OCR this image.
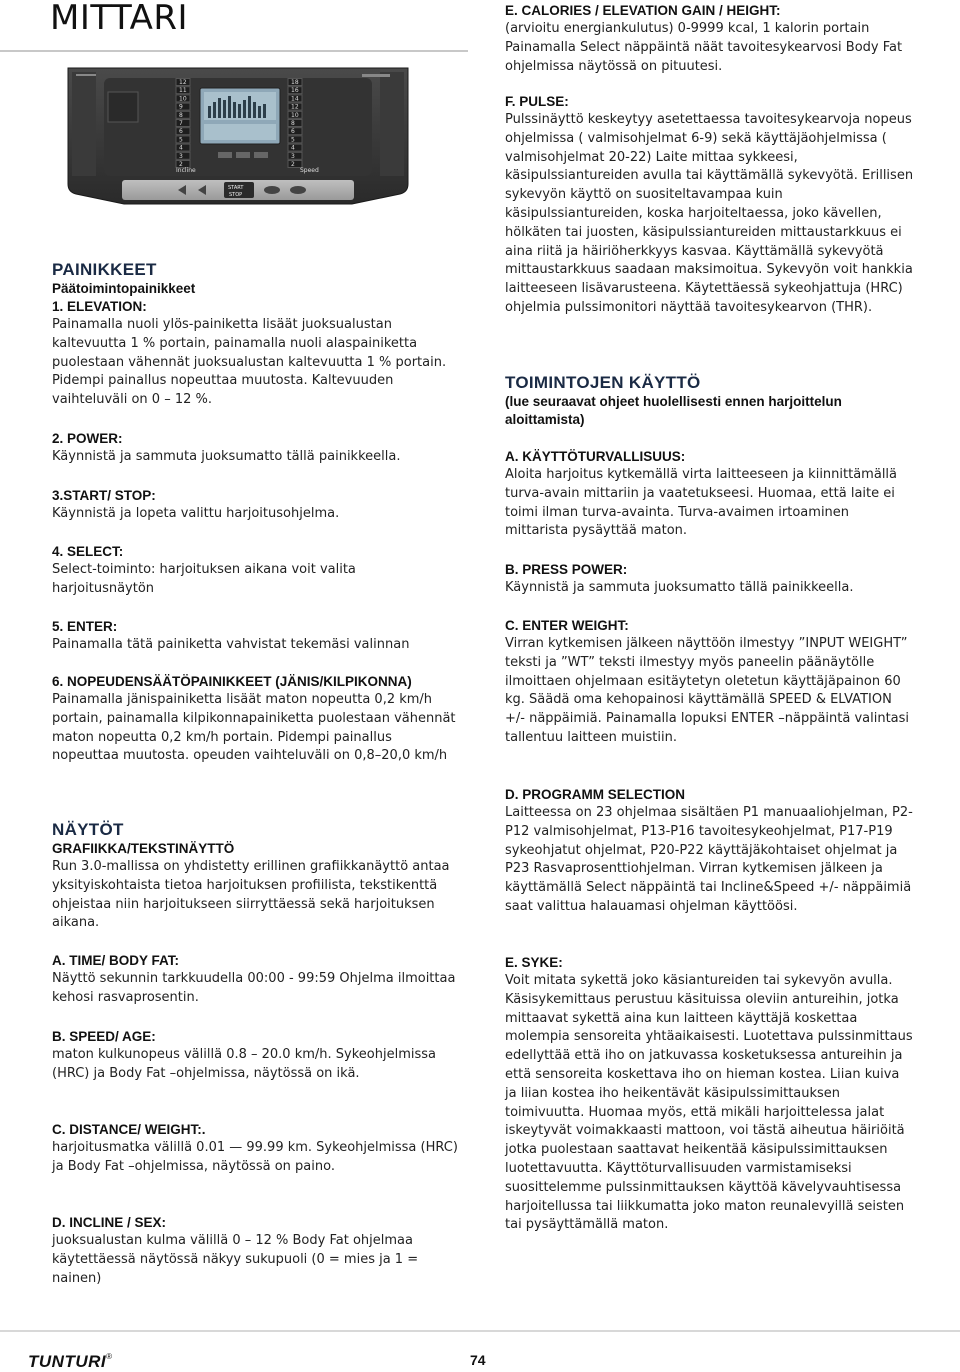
MITTARI
12
11
10
9
8
7
6
5
4
3
2
18
16
14
12
10
8
6
5
4
3
2
Incline	Speed
START
STOP

PAINIKKEET

Päätoimintopainikkeet

1. ELEVATION:

Painamalla nuoli ylös-painiketta lisäät juoksualustan kaltevuutta 1 % portain, painamalla nuoli alaspainiketta puolestaan vähennät juoksualustan kaltevuutta 1 % portain. Pidempi painallus nopeuttaa muutosta. Kaltevuuden vaihteluväli on 0 – 12 %.

2. POWER:

Käynnistä ja sammuta juoksumatto tällä painikkeella.

3.START/ STOP:

Käynnistä ja lopeta valittu harjoitusohjelma.

4. SELECT:

Select-toiminto: harjoituksen aikana voit valita harjoitusnäytön

5. ENTER:

Painamalla tätä painiketta vahvistat tekemäsi valinnan

6. NOPEUDENSÄÄTÖPAINIKKEET (JÄNIS/KILPIKONNA)

Painamalla jänispainiketta lisäät maton nopeutta 0,2 km/h portain, painamalla kilpikonnapainiketta puolestaan vähennät maton nopeutta 0,2 km/h portain. Pidempi painallus nopeuttaa muutosta. opeuden vaihteluväli on 0,8–20,0 km/h

NÄYTÖT

GRAFIIKKA/TEKSTINÄYTTÖ

Run 3.0-mallissa on yhdistetty erillinen grafiikkanäyttö antaa yksityiskohtaista tietoa harjoituksen profiilista, tekstikenttä ohjeistaa niin harjoitukseen siirryttäessä sekä harjoituksen aikana.

A. TIME/ BODY FAT:

Näyttö sekunnin tarkkuudella 00:00 - 99:59 Ohjelma ilmoittaa kehosi rasvaprosentin.

B. SPEED/ AGE:

maton kulkunopeus välillä 0.8 – 20.0 km/h. Sykeohjelmissa (HRC) ja Body Fat –ohjelmissa, näytössä on ikä.

C. DISTANCE/ WEIGHT:.

harjoitusmatka välillä 0.01 — 99.99 km. Sykeohjelmissa (HRC) ja Body Fat –ohjelmissa, näytössä on paino.

D. INCLINE / SEX:

juoksualustan kulma välillä 0 – 12 % Body Fat ohjelmaa käytettäessä näytössä näkyy sukupuoli (0 = mies ja 1 = nainen)

E. CALORIES / ELEVATION GAIN / HEIGHT:

(arvioitu energiankulutus) 0-9999 kcal, 1 kalorin portain Painamalla Select näppäintä näät tavoitesykearvosi Body Fat ohjelmissa näytössä on pituutesi.

F. PULSE:

Pulssinäyttö keskeytyy asetettaessa tavoitesykearvoja nopeus ohjelmissa ( valmisohjelmat 6-9) sekä käyttäjäohjelmissa ( valmisohjelmat 20-22) Laite mittaa sykkeesi, käsipulssiantureiden avulla tai käyttämällä sykevyötä. Erillisen sykevyön käyttö on suositeltavampaa kuin käsipulssiantureiden, koska harjoiteltaessa, joko kävellen, hölkäten tai juosten, käsipulssiantureiden mittaustarkkuus ei aina riitä ja häiriöherkkyys kasvaa. Käyttämällä sykevyötä mittaustarkkuus saadaan maksimoitua. Sykevyön voit hankkia laitteeseen lisävarusteena. Käytettäessä sykeohjattuja (HRC) ohjelmia pulssimonitori näyttää tavoitesykearvon (THR).

TOIMINTOJEN KÄYTTÖ

(lue seuraavat ohjeet huolellisesti ennen harjoittelun aloittamista)

A. KÄYTTÖTURVALLISUUS:

Aloita harjoitus kytkemällä virta laitteeseen ja kiinnittämällä turva-avain mittariin ja vaatetukseesi. Huomaa, että laite ei toimi ilman turva-avainta. Turva-avaimen irtoaminen mittarista pysäyttää maton.

B. PRESS POWER:

Käynnistä ja sammuta juoksumatto tällä painikkeella.

C. ENTER WEIGHT:

Virran kytkemisen jälkeen näyttöön ilmestyy ”INPUT WEIGHT” teksti ja ”WT” teksti ilmestyy myös paneelin päänäytölle ilmoittaen ohjelmaan esitäytetyn oletetun käyttäjäpainon 60 kg. Säädä oma kehopainosi käyttämällä SPEED & ELVATION +/- näppäimiä. Painamalla lopuksi ENTER –näppäintä valintasi tallentuu laitteen muistiin.

D. PROGRAMM SELECTION

Laitteessa on 23 ohjelmaa sisältäen P1 manuaaliohjelman, P2-P12 valmisohjelmat, P13-P16 tavoitesykeohjelmat, P17-P19 sykeohjatut ohjelmat, P20-P22 käyttäjäkohtaiset ohjelmat ja P23 Rasvaprosenttiohjelman. Virran kytkemisen jälkeen ja käyttämällä Select näppäintä tai Incline&Speed +/- näppäimiä saat valittua halauamasi ohjelman käyttöösi.

E. SYKE:

Voit mitata sykettä joko käsiantureiden tai sykevyön avulla. Käsisykemittaus perustuu käsituissa oleviin antureihin, jotka mittaavat sykettä aina kun laitteen käyttäjä koskettaa molempia sensoreita yhtäaikaisesti. Luotettava pulssinmittaus edellyttää että iho on jatkuvassa kosketuksessa antureihin ja että sensoreita koskettava iho on hieman kostea. Liian kuiva ja liian kostea iho heikentävät käsipulssimittauksen toimivuutta. Huomaa myös, että mikäli harjoittelessa jalat iskeytyvät voimakkaasti mattoon, voi tästä aiheutua häiriöitä jotka puolestaan saattavat heikentää käsipulssimittauksen luotettavuutta. Käyttöturvallisuuden varmistamiseksi suosittelemme pulssinmittauksen käyttöä kävelyvauhtisessa harjoitellussa tai liikkumatta joko maton reunalevyillä seisten tai pysäyttämällä maton.

TUNTURI®	74
